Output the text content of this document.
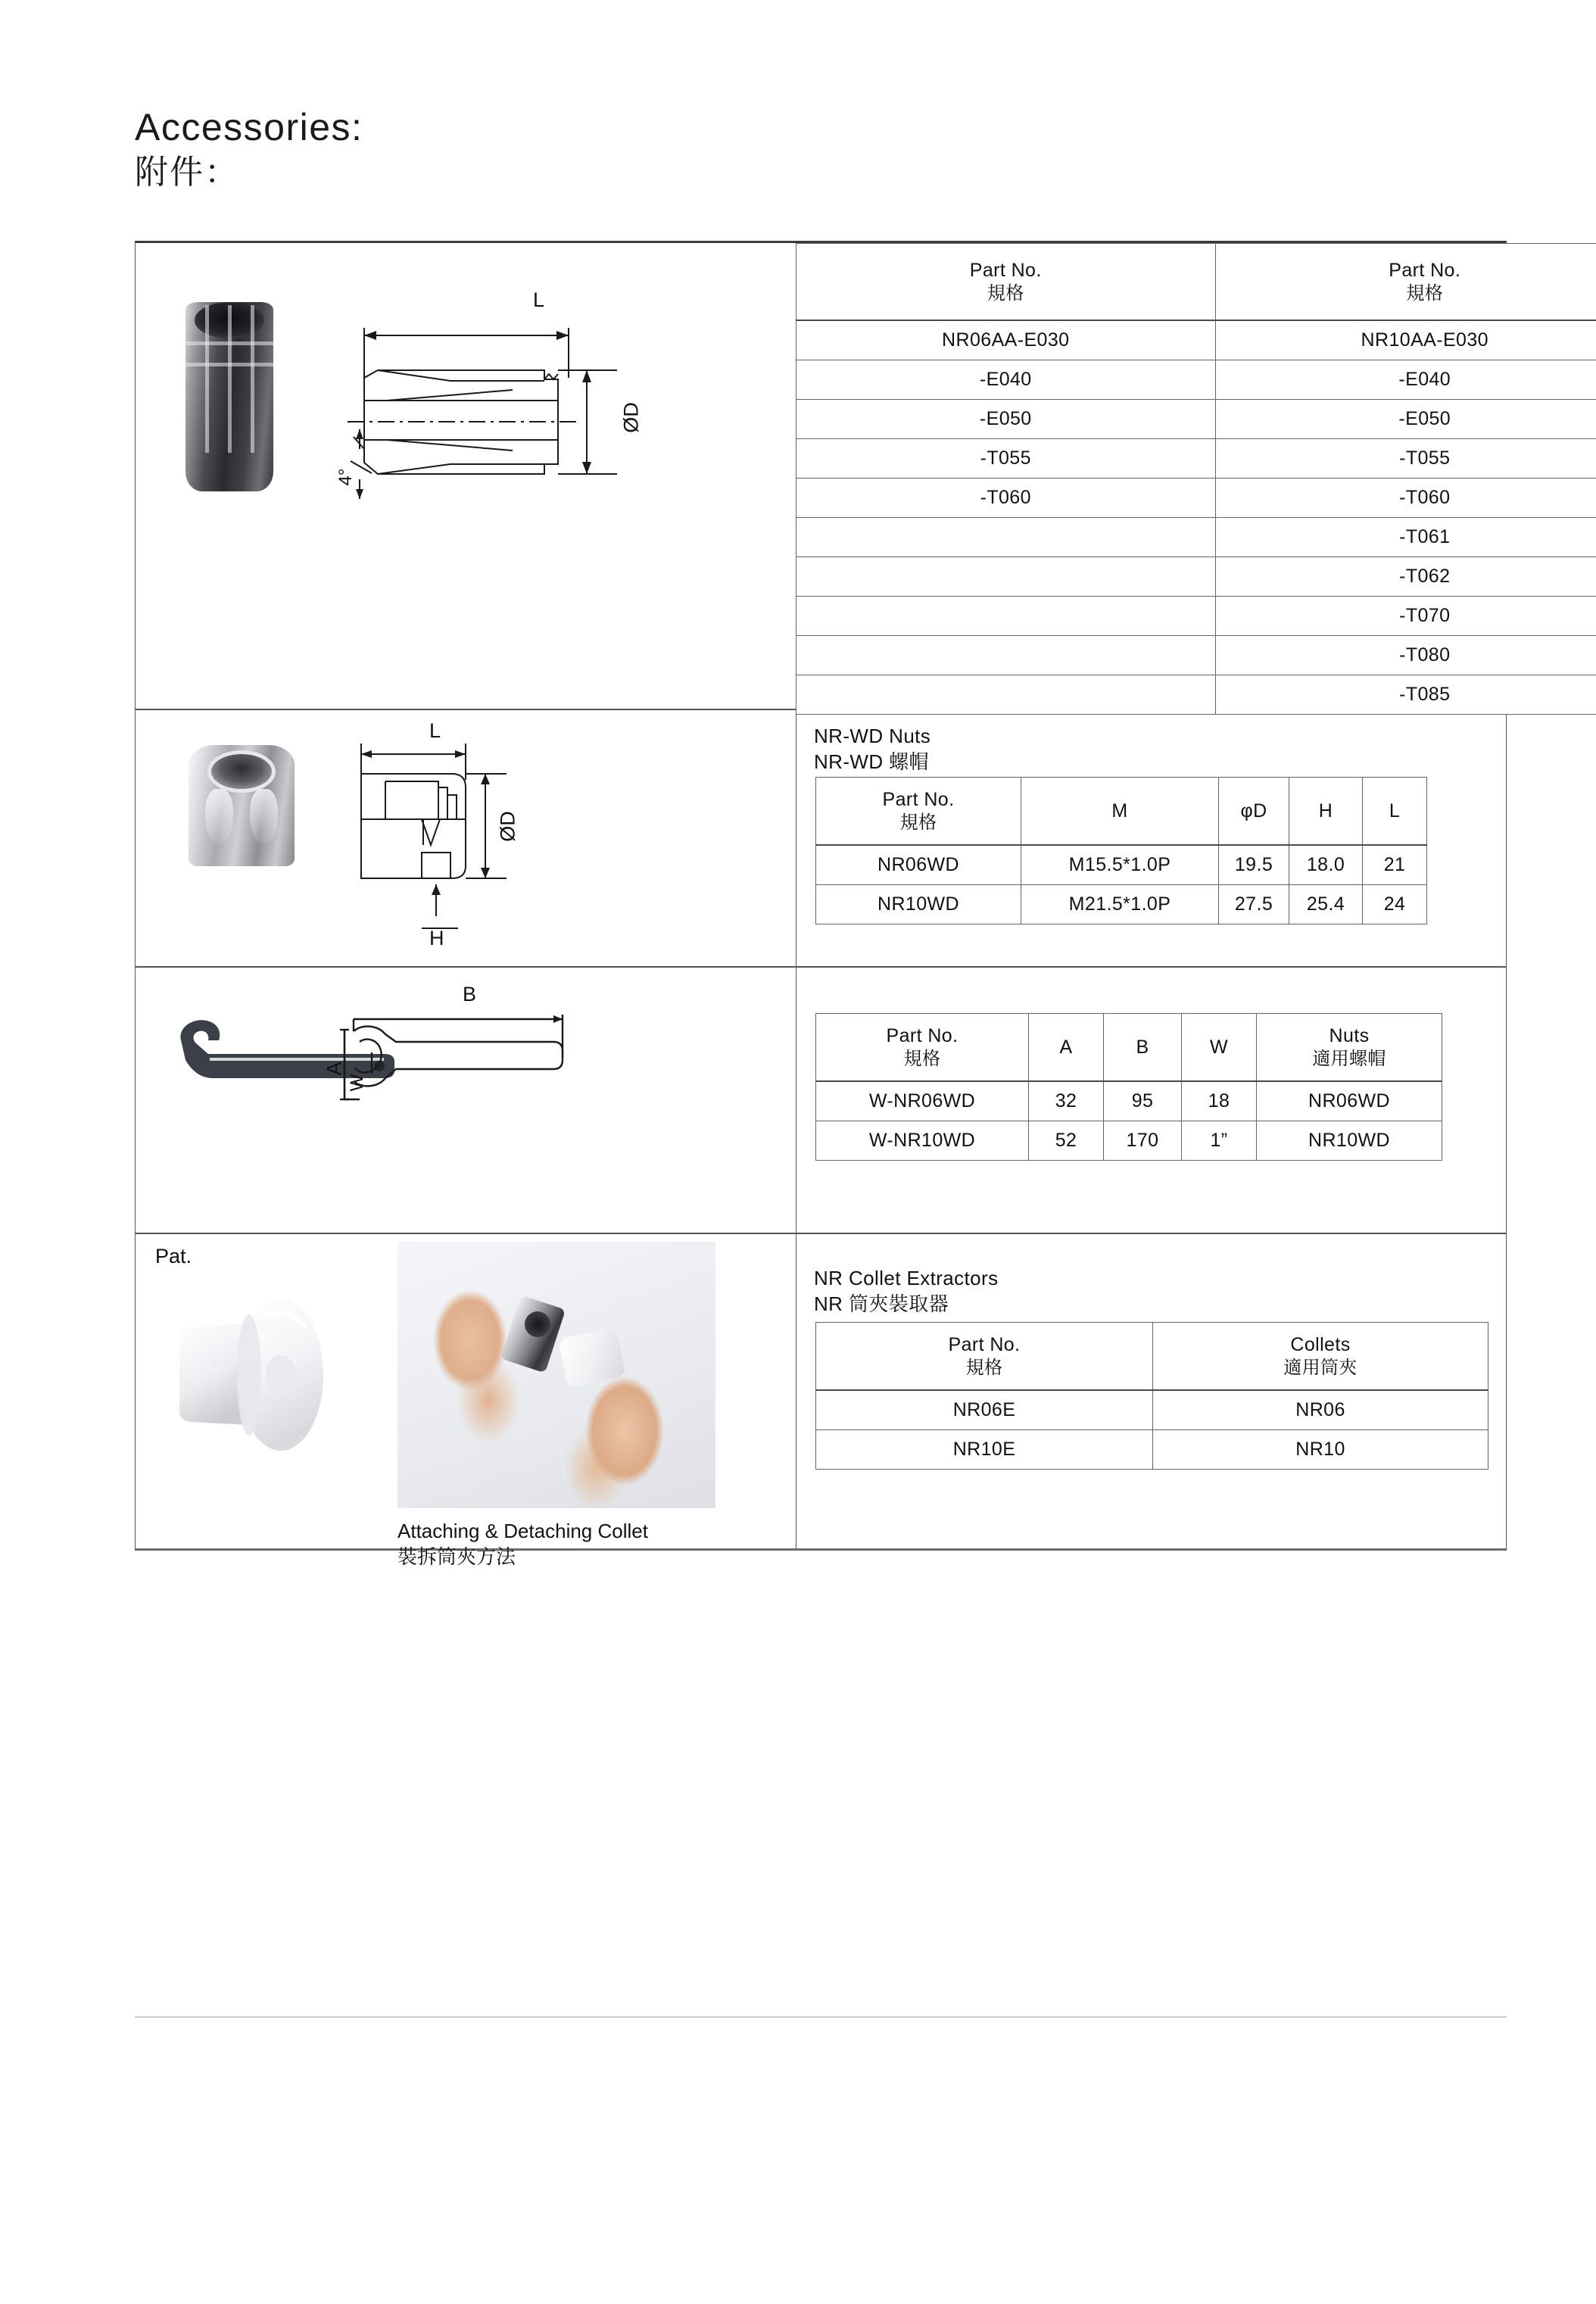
Accessories:
附件：
L
ØD
4°
Part No.
規格	Part No.
規格

NR06AA-E030	NR10AA-E030
-E040	-E040
-E050	-E050
-T055	-T055
-T060	-T060
	-T061
	-T062
	-T070
	-T080
	-T085
L
ØD
H
NR-WD Nuts
NR-WD 螺帽
Part No.
規格	M	φD	H	L
NR06WD	M15.5*1.0P	19.5	18.0	21
NR10WD	M21.5*1.0P	27.5	25.4	24
A
B
W
Part No.
規格	A	B	W	Nuts
適用螺帽

W-NR06WD	32	95	18	NR06WD
W-NR10WD	52	170	1”	NR10WD
Pat.
Attaching & Detaching Collet
裝拆筒夾方法
NR Collet Extractors
NR 筒夾裝取器
Part No.
規格	Collets
適用筒夾

NR06E	NR06
NR10E	NR10
